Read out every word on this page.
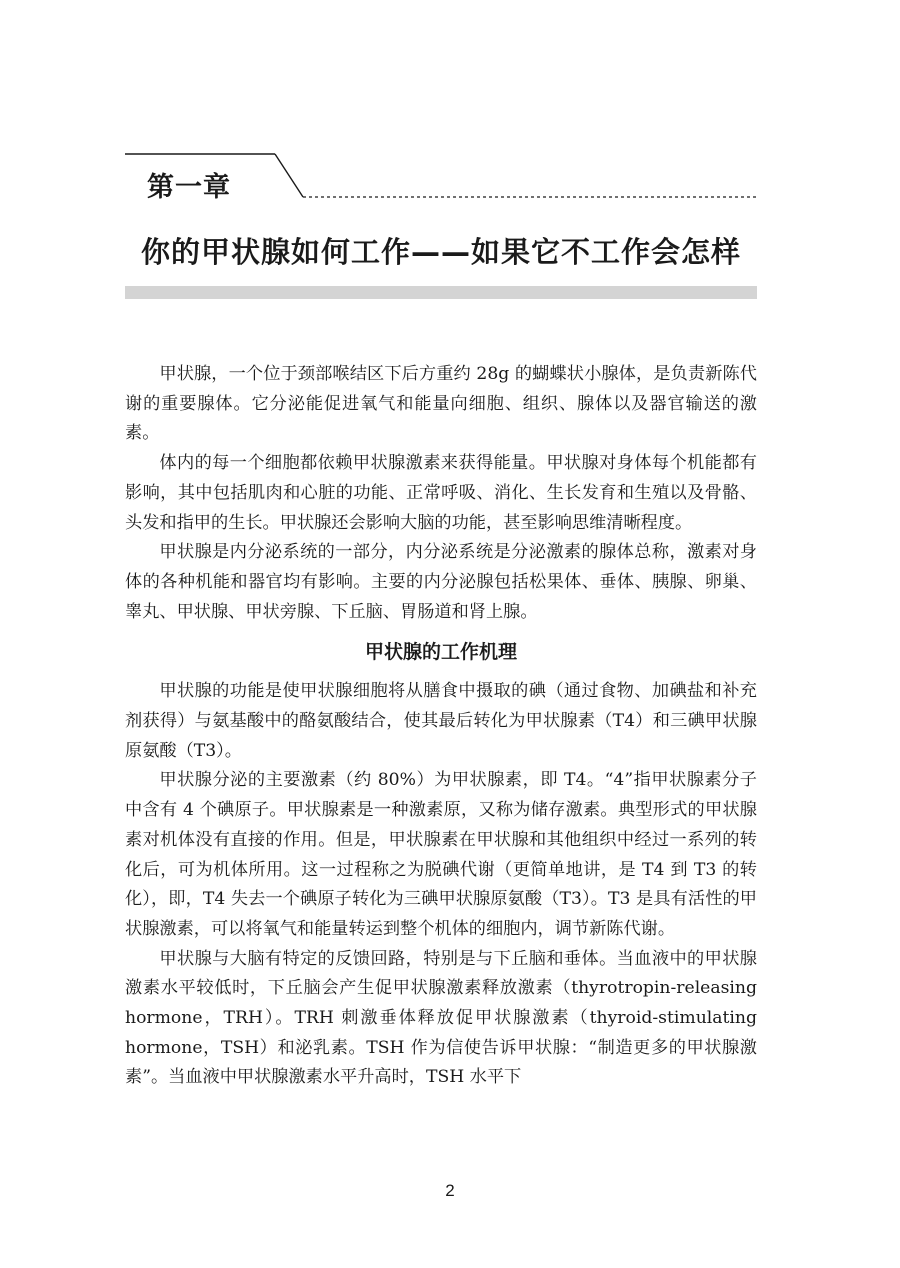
第一章
你的甲状腺如何工作——如果它不工作会怎样

甲状腺，一个位于颈部喉结区下后方重约 28g 的蝴蝶状小腺体，是负责新陈代谢的重要腺体。它分泌能促进氧气和能量向细胞、组织、腺体以及器官输送的激素。

体内的每一个细胞都依赖甲状腺激素来获得能量。甲状腺对身体每个机能都有影响，其中包括肌肉和心脏的功能、正常呼吸、消化、生长发育和生殖以及骨骼、头发和指甲的生长。甲状腺还会影响大脑的功能，甚至影响思维清晰程度。

甲状腺是内分泌系统的一部分，内分泌系统是分泌激素的腺体总称，激素对身体的各种机能和器官均有影响。主要的内分泌腺包括松果体、垂体、胰腺、卵巢、睾丸、甲状腺、甲状旁腺、下丘脑、胃肠道和肾上腺。

甲状腺的工作机理

甲状腺的功能是使甲状腺细胞将从膳食中摄取的碘（通过食物、加碘盐和补充剂获得）与氨基酸中的酪氨酸结合，使其最后转化为甲状腺素（T4）和三碘甲状腺原氨酸（T3）。

甲状腺分泌的主要激素（约 80%）为甲状腺素，即 T4。“4”指甲状腺素分子中含有 4 个碘原子。甲状腺素是一种激素原，又称为储存激素。典型形式的甲状腺素对机体没有直接的作用。但是，甲状腺素在甲状腺和其他组织中经过一系列的转化后，可为机体所用。这一过程称之为脱碘代谢（更简单地讲，是 T4 到 T3 的转化），即，T4 失去一个碘原子转化为三碘甲状腺原氨酸（T3）。T3 是具有活性的甲状腺激素，可以将氧气和能量转运到整个机体的细胞内，调节新陈代谢。

甲状腺与大脑有特定的反馈回路，特别是与下丘脑和垂体。当血液中的甲状腺激素水平较低时，下丘脑会产生促甲状腺激素释放激素（thyrotropin-releasing hormone，TRH）。TRH 刺激垂体释放促甲状腺激素（thyroid-stimulating hormone，TSH）和泌乳素。TSH 作为信使告诉甲状腺：“制造更多的甲状腺激素”。当血液中甲状腺激素水平升高时，TSH 水平下

2
